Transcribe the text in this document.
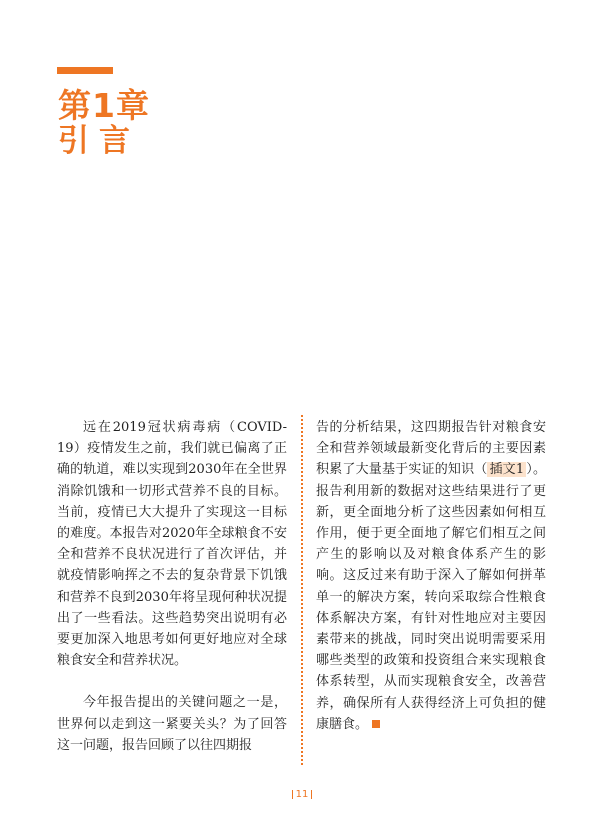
第1章
引言

远在2019冠状病毒病（COVID-19）疫情发生之前，我们就已偏离了正确的轨道，难以实现到2030年在全世界消除饥饿和一切形式营养不良的目标。当前，疫情已大大提升了实现这一目标的难度。本报告对2020年全球粮食不安全和营养不良状况进行了首次评估，并就疫情影响挥之不去的复杂背景下饥饿和营养不良到2030年将呈现何种状况提出了一些看法。这些趋势突出说明有必要更加深入地思考如何更好地应对全球粮食安全和营养状况。

今年报告提出的关键问题之一是，世界何以走到这一紧要关头？为了回答这一问题，报告回顾了以往四期报

告的分析结果，这四期报告针对粮食安全和营养领域最新变化背后的主要因素积累了大量基于实证的知识（ 插文1 ）。报告利用新的数据对这些结果进行了更新，更全面地分析了这些因素如何相互作用，便于更全面地了解它们相互之间产生的影响以及对粮食体系产生的影响。这反过来有助于深入了解如何拼革单一的解决方案，转向采取综合性粮食体系解决方案，有针对性地应对主要因素带来的挑战，同时突出说明需要采用哪些类型的政策和投资组合来实现粮食体系转型，从而实现粮食安全，改善营养，确保所有人获得经济上可负担的健康膳食。

11
